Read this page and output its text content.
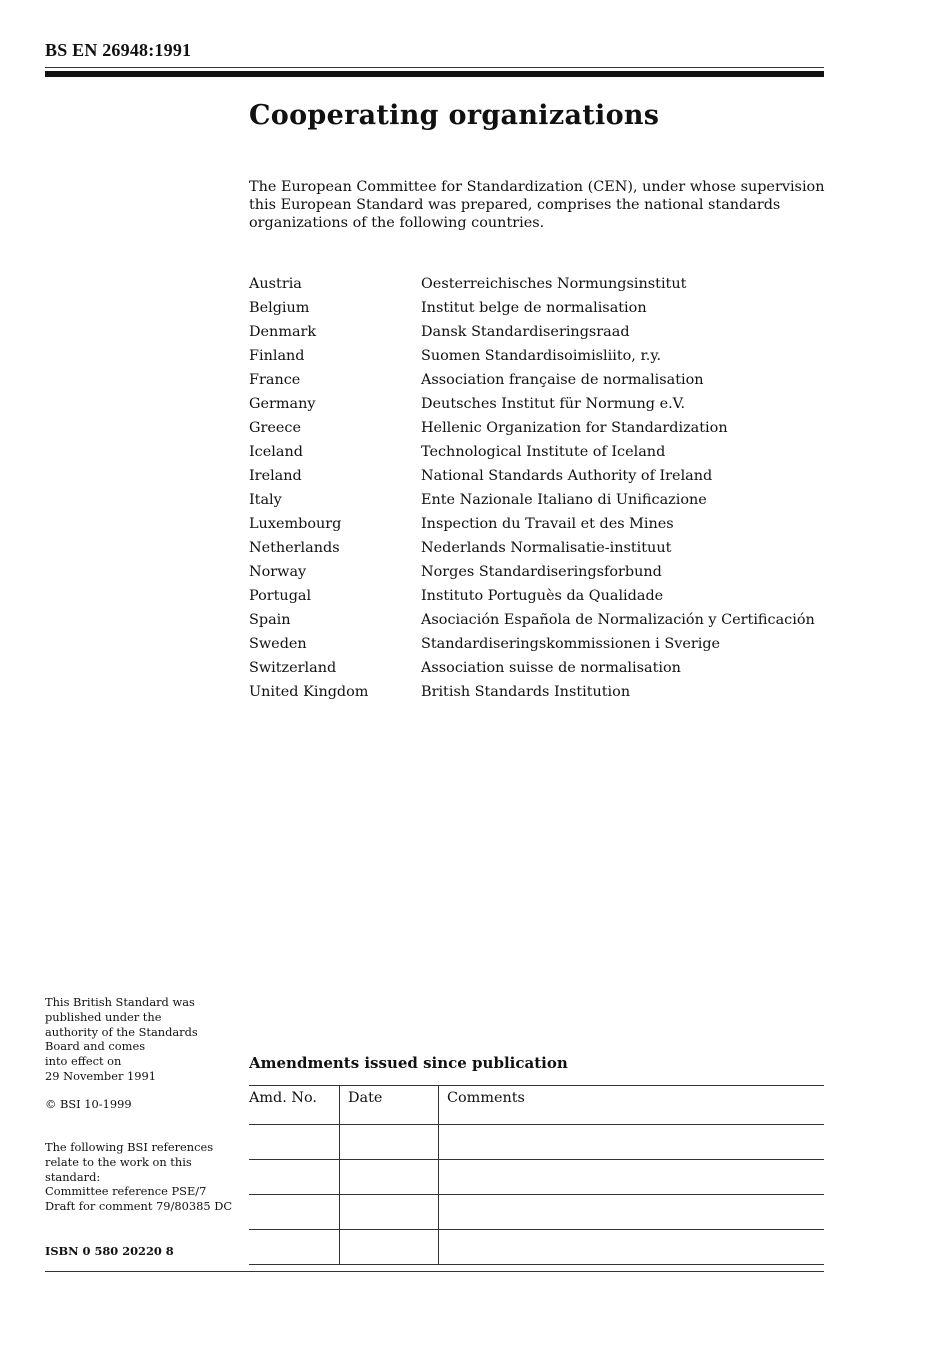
BS EN 26948:1991
Cooperating organizations

The European Committee for Standardization (CEN), under whose supervision this European Standard was prepared, comprises the national standards organizations of the following countries.

Austria	Oesterreichisches Normungsinstitut
Belgium	Institut belge de normalisation
Denmark	Dansk Standardiseringsraad
Finland	Suomen Standardisoimisliito, r.y.
France	Association française de normalisation
Germany	Deutsches Institut für Normung e.V.
Greece	Hellenic Organization for Standardization
Iceland	Technological Institute of Iceland
Ireland	National Standards Authority of Ireland
Italy	Ente Nazionale Italiano di Unificazione
Luxembourg	Inspection du Travail et des Mines
Netherlands	Nederlands Normalisatie-instituut
Norway	Norges Standardiseringsforbund
Portugal	Instituto Portuguès da Qualidade
Spain	Asociación Española de Normalización y Certificación
Sweden	Standardiseringskommissionen i Sverige
Switzerland	Association suisse de normalisation
United Kingdom	British Standards Institution

This British Standard was

published under the

authority of the Standards

Board and comes

into effect on

29 November 1991

© BSI 10-1999

The following BSI references

relate to the work on this

standard:

Committee reference PSE/7

Draft for comment 79/80385 DC

ISBN 0 580 20220 8
Amendments issued since publication
Amd. No.	Date	Comments
